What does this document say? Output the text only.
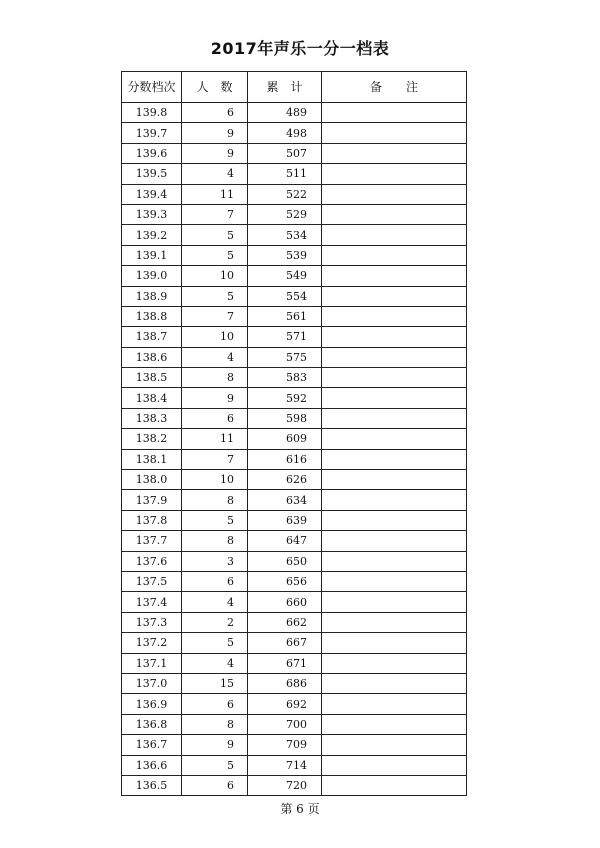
2017年声乐一分一档表
分数档次	人　数	累　计	备　　注
139.8	6	489	
139.7	9	498	
139.6	9	507	
139.5	4	511	
139.4	11	522	
139.3	7	529	
139.2	5	534	
139.1	5	539	
139.0	10	549	
138.9	5	554	
138.8	7	561	
138.7	10	571	
138.6	4	575	
138.5	8	583	
138.4	9	592	
138.3	6	598	
138.2	11	609	
138.1	7	616	
138.0	10	626	
137.9	8	634	
137.8	5	639	
137.7	8	647	
137.6	3	650	
137.5	6	656	
137.4	4	660	
137.3	2	662	
137.2	5	667	
137.1	4	671	
137.0	15	686	
136.9	6	692	
136.8	8	700	
136.7	9	709	
136.6	5	714	
136.5	6	720	
第 6 页
